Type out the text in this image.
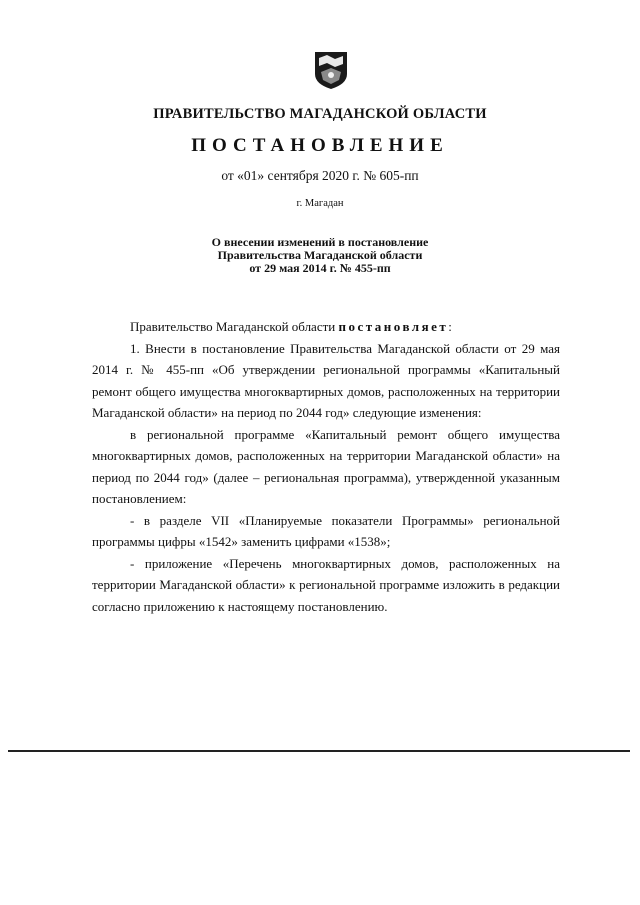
ПРАВИТЕЛЬСТВО МАГАДАНСКОЙ ОБЛАСТИ
ПОСТАНОВЛЕНИЕ
от «01» сентября 2020 г. № 605-пп
г. Магадан
О внесении изменений в постановление
Правительства Магаданской области
от 29 мая 2014 г. № 455-пп

Правительство Магаданской области постановляет:

1. Внести в постановление Правительства Магаданской области от 29 мая 2014 г. № 455-пп «Об утверждении региональной программы «Капитальный ремонт общего имущества многоквартирных домов, расположенных на территории Магаданской области» на период по 2044 год» следующие изменения:

в региональной программе «Капитальный ремонт общего имущества многоквартирных домов, расположенных на территории Магаданской области» на период по 2044 год» (далее – региональная программа), утвержденной указанным постановлением:

- в разделе VII «Планируемые показатели Программы» региональной программы цифры «1542» заменить цифрами «1538»;

- приложение «Перечень многоквартирных домов, расположенных на территории Магаданской области» к региональной программе изложить в редакции согласно приложению к настоящему постановлению.
